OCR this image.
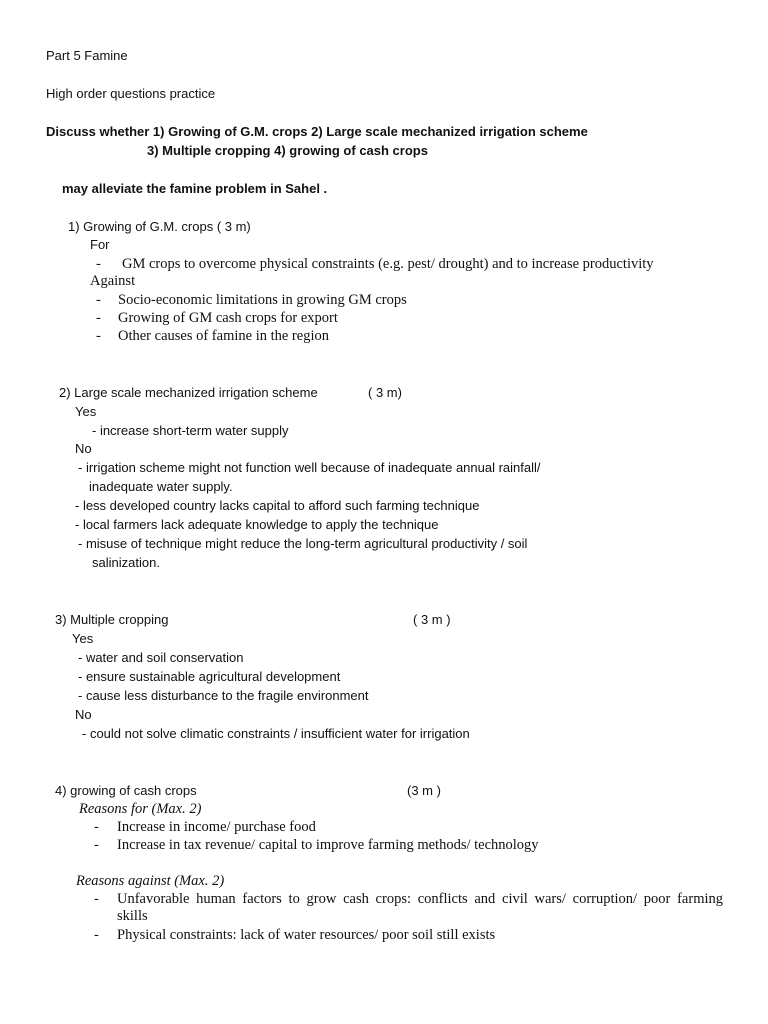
Part 5 Famine
High order questions practice
Discuss whether 1) Growing of G.M. crops 2) Large scale mechanized irrigation scheme
3) Multiple cropping 4) growing of cash crops
may alleviate the famine problem in Sahel .
1) Growing of G.M. crops ( 3 m)
For
- GM crops to overcome physical constraints (e.g. pest/ drought) and to increase productivity
Against
- Socio-economic limitations in growing GM crops
- Growing of GM cash crops for export
- Other causes of famine in the region
2) Large scale mechanized irrigation scheme	( 3 m)
Yes
- increase short-term water supply
No
- irrigation scheme might not function well because of inadequate annual rainfall/
inadequate water supply.
- less developed country lacks capital to afford such farming technique
- local farmers lack adequate knowledge to apply the technique
- misuse of technique might reduce the long-term agricultural productivity / soil
salinization.
3) Multiple cropping	( 3 m )
Yes
- water and soil conservation
- ensure sustainable agricultural development
- cause less disturbance to the fragile environment
No
- could not solve climatic constraints / insufficient water for irrigation
4) growing of cash crops	(3 m )
Reasons for (Max. 2)
- Increase in income/ purchase food
- Increase in tax revenue/ capital to improve farming methods/ technology
Reasons against (Max. 2)
- Unfavorable human factors to grow cash crops: conflicts and civil wars/ corruption/ poor farming
skills
- Physical constraints: lack of water resources/ poor soil still exists
